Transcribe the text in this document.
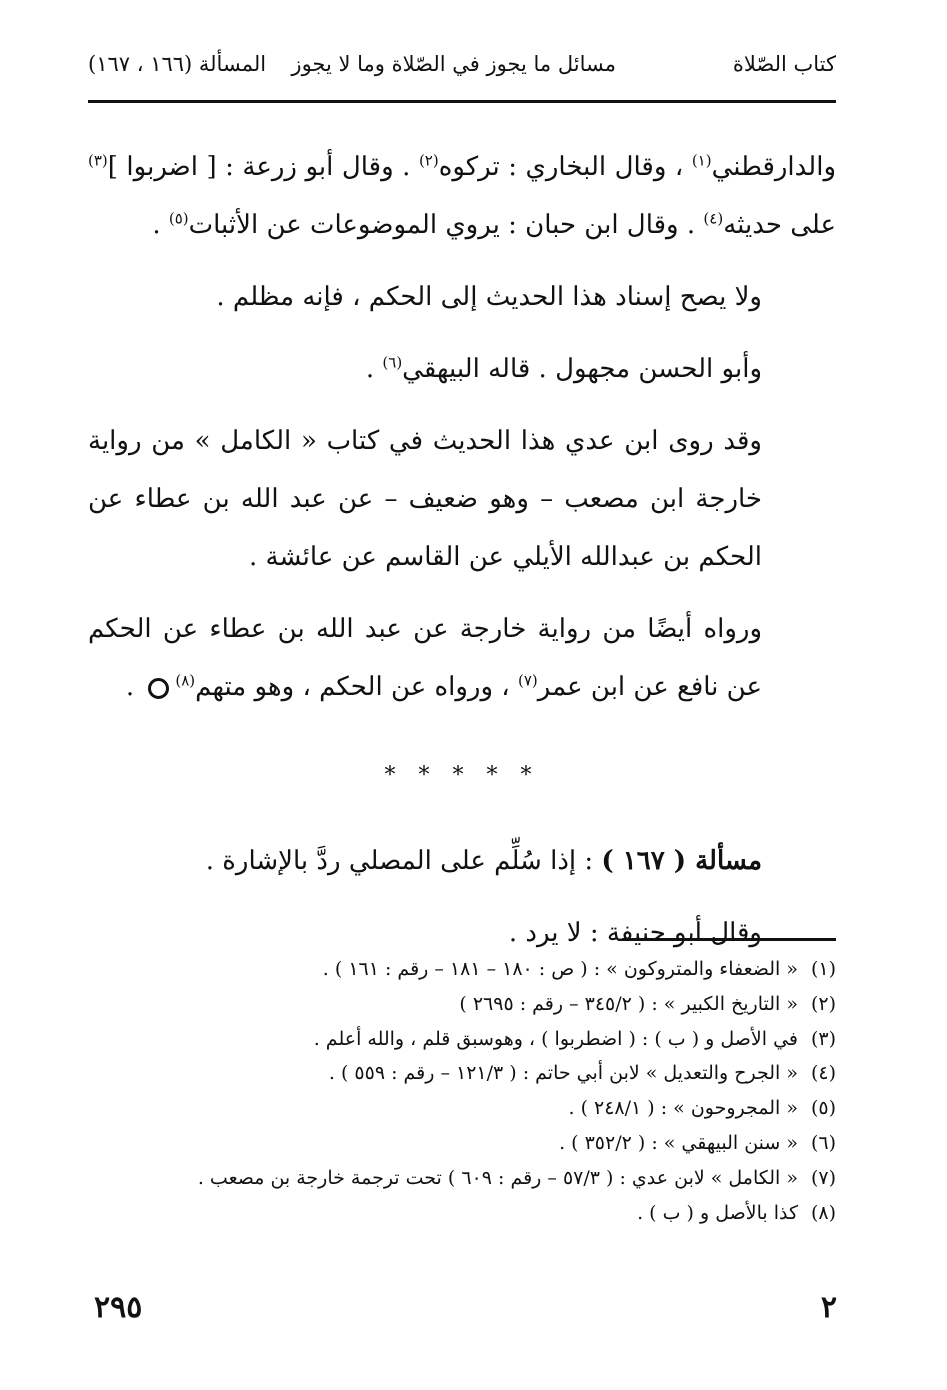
كتاب الصّلاة
مسائل ما يجوز في الصّلاة وما لا يجوز
المسألة (١٦٦ ، ١٦٧)

والدارقطني$^{(١)}$ ، وقال البخاري : تركوه$^{(٢)}$ . وقال أبو زرعة : [ اضربوا ]$^{(٣)}$ على حديثه$^{(٤)}$ . وقال ابن حبان : يروي الموضوعات عن الأثبات$^{(٥)}$ .

ولا يصح إسناد هذا الحديث إلى الحكم ، فإنه مظلم .

وأبو الحسن مجهول . قاله البيهقي$^{(٦)}$ .

وقد روى ابن عدي هذا الحديث في كتاب « الكامل » من رواية خارجة ابن مصعب – وهو ضعيف – عن عبد الله بن عطاء عن الحكم بن عبدالله الأيلي عن القاسم عن عائشة .

ورواه أيضًا من رواية خارجة عن عبد الله بن عطاء عن الحكم عن نافع عن ابن عمر$^{(٧)}$ ، ورواه عن الحكم ، وهو متهم$^{(٨)}$ .

* * * * *

مسألة ( ١٦٧ ) : إذا سُلِّم على المصلي ردَّ بالإشارة .

وقال أبو حنيفة : لا يرد .

(١)« الضعفاء والمتروكون » : ( ص : ١٨٠ – ١٨١ – رقم : ١٦١ ) .
(٢)« التاريخ الكبير » : ( ٣٤٥/٢ – رقم : ٢٦٩٥ )
(٣)في الأصل و ( ب ) : ( اضطربوا ) ، وهوسبق قلم ، والله أعلم .
(٤)« الجرح والتعديل » لابن أبي حاتم : ( ١٢١/٣ – رقم : ٥٥٩ ) .
(٥)« المجروحون » : ( ٢٤٨/١ ) .
(٦)« سنن البيهقي » : ( ٣٥٢/٢ ) .
(٧)« الكامل » لابن عدي : ( ٥٧/٣ – رقم : ٦٠٩ ) تحت ترجمة خارجة بن مصعب .
(٨)كذا بالأصل و ( ب ) .
٢٩٥	٢
